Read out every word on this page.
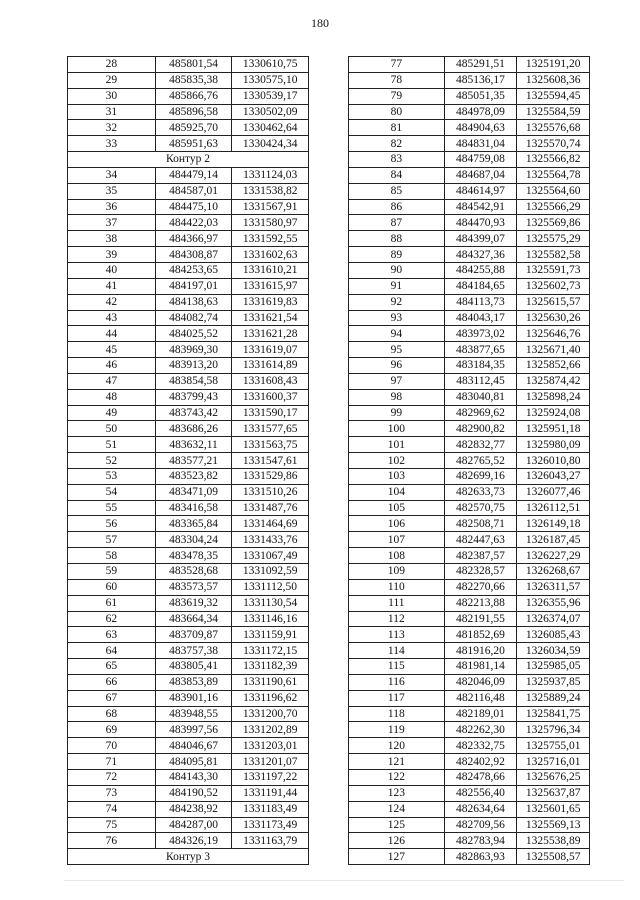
180
28	485801,54	1330610,75
29	485835,38	1330575,10
30	485866,76	1330539,17
31	485896,58	1330502,09
32	485925,70	1330462,64
33	485951,63	1330424,34
Контур 2		
34	484479,14	1331124,03
35	484587,01	1331538,82
36	484475,10	1331567,91
37	484422,03	1331580,97
38	484366,97	1331592,55
39	484308,87	1331602,63
40	484253,65	1331610,21
41	484197,01	1331615,97
42	484138,63	1331619,83
43	484082,74	1331621,54
44	484025,52	1331621,28
45	483969,30	1331619,07
46	483913,20	1331614,89
47	483854,58	1331608,43
48	483799,43	1331600,37
49	483743,42	1331590,17
50	483686,26	1331577,65
51	483632,11	1331563,75
52	483577,21	1331547,61
53	483523,82	1331529,86
54	483471,09	1331510,26
55	483416,58	1331487,76
56	483365,84	1331464,69
57	483304,24	1331433,76
58	483478,35	1331067,49
59	483528,68	1331092,59
60	483573,57	1331112,50
61	483619,32	1331130,54
62	483664,34	1331146,16
63	483709,87	1331159,91
64	483757,38	1331172,15
65	483805,41	1331182,39
66	483853,89	1331190,61
67	483901,16	1331196,62
68	483948,55	1331200,70
69	483997,56	1331202,89
70	484046,67	1331203,01
71	484095,81	1331201,07
72	484143,30	1331197,22
73	484190,52	1331191,44
74	484238,92	1331183,49
75	484287,00	1331173,49
76	484326,19	1331163,79
Контур 3		
77	485291,51	1325191,20
78	485136,17	1325608,36
79	485051,35	1325594,45
80	484978,09	1325584,59
81	484904,63	1325576,68
82	484831,04	1325570,74
83	484759,08	1325566,82
84	484687,04	1325564,78
85	484614,97	1325564,60
86	484542,91	1325566,29
87	484470,93	1325569,86
88	484399,07	1325575,29
89	484327,36	1325582,58
90	484255,88	1325591,73
91	484184,65	1325602,73
92	484113,73	1325615,57
93	484043,17	1325630,26
94	483973,02	1325646,76
95	483877,65	1325671,40
96	483184,35	1325852,66
97	483112,45	1325874,42
98	483040,81	1325898,24
99	482969,62	1325924,08
100	482900,82	1325951,18
101	482832,77	1325980,09
102	482765,52	1326010,80
103	482699,16	1326043,27
104	482633,73	1326077,46
105	482570,75	1326112,51
106	482508,71	1326149,18
107	482447,63	1326187,45
108	482387,57	1326227,29
109	482328,57	1326268,67
110	482270,66	1326311,57
111	482213,88	1326355,96
112	482191,55	1326374,07
113	481852,69	1326085,43
114	481916,20	1326034,59
115	481981,14	1325985,05
116	482046,09	1325937,85
117	482116,48	1325889,24
118	482189,01	1325841,75
119	482262,30	1325796,34
120	482332,75	1325755,01
121	482402,92	1325716,01
122	482478,66	1325676,25
123	482556,40	1325637,87
124	482634,64	1325601,65
125	482709,56	1325569,13
126	482783,94	1325538,89
127	482863,93	1325508,57
